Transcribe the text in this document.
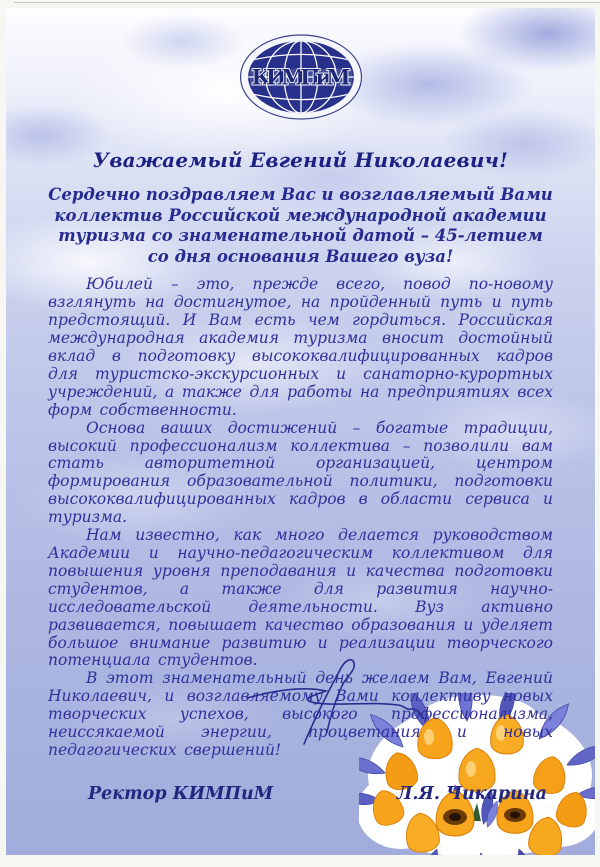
КИМПиМ
Уважаемый Евгений Николаевич!

Сердечно поздравляем Вас и возглавляемый Вами коллектив Российской международной академии туризма со знаменательной датой – 45-летием со дня основания Вашего вуза!

Юбилей – это, прежде всего, повод по-новому взглянуть на достигнутое, на пройденный путь и путь предстоящий. И Вам есть чем гордиться. Российская международная академия туризма вносит достойный вклад в подготовку высококвалифицированных кадров для туристско-экскурсионных и санаторно-курортных учреждений, а также для работы на предприятиях всех форм собственности.

Основа ваших достижений – богатые традиции, высокий профессионализм коллектива – позволили вам стать авторитетной организацией, центром формирования образовательной политики, подготовки высококвалифицированных кадров в области сервиса и туризма.

Нам известно, как много делается руководством Академии и научно-педагогическим коллективом для повышения уровня преподавания и качества подготовки студентов, а также для развития научно-исследовательской деятельности. Вуз активно развивается, повышает качество образования и уделяет большое внимание развитию и реализации творческого потенциала студентов.

В этот знаменательный день желаем Вам, Евгений Николаевич, и возглавляемому Вами коллективу новых творческих успехов, высокого профессионализма, неиссякаемой энергии, процветания и новых педагогических свершений!

Ректор КИМПиМ	Л.Я. Чикарина
